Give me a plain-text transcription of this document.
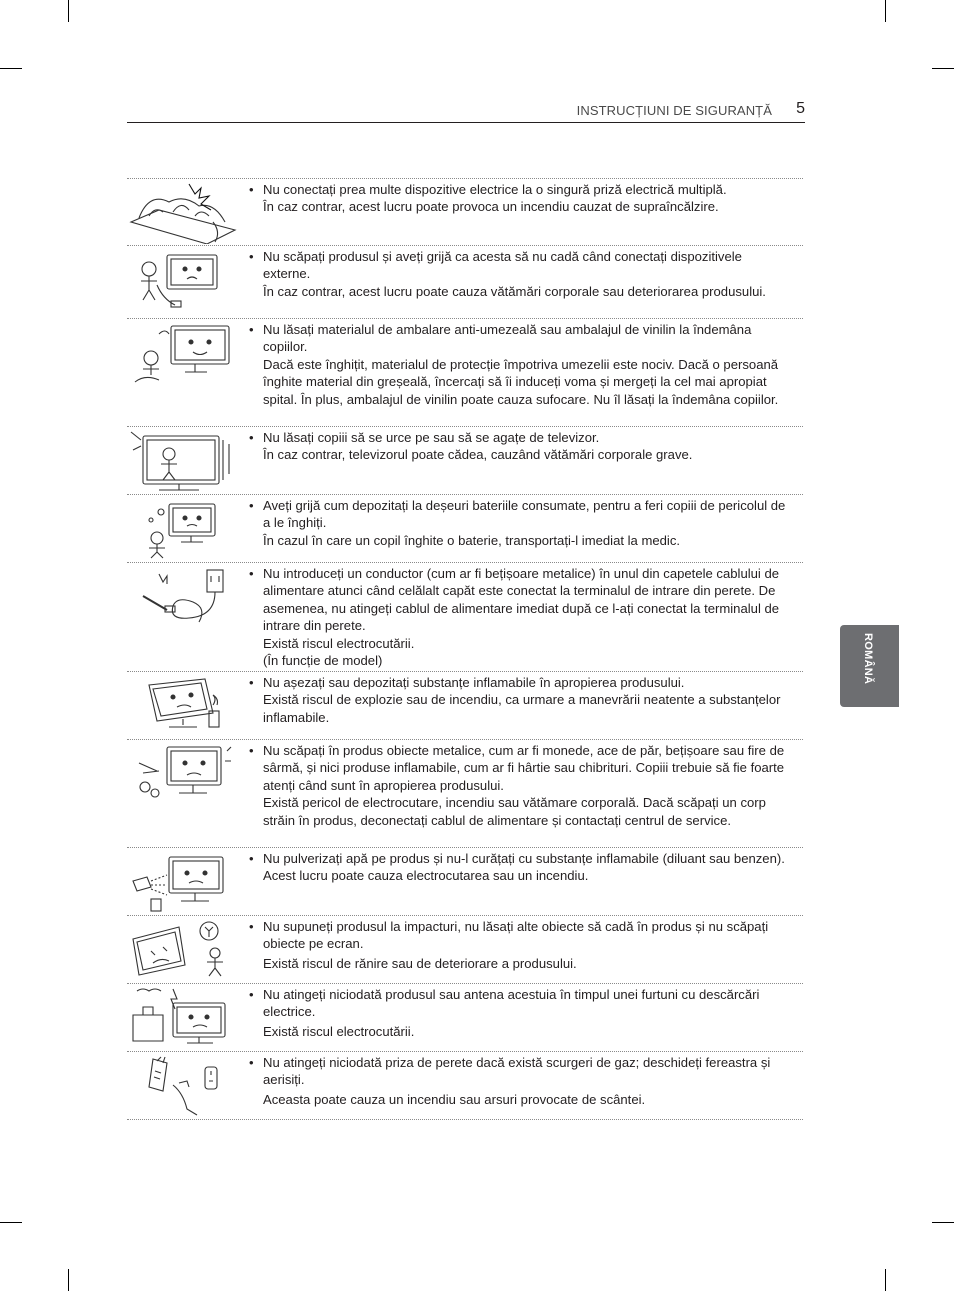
INSTRUCȚIUNI DE SIGURANȚĂ 5
ROMÂNĂ
• Nu conectați prea multe dispozitive electrice la o singură priză electrică multiplă.

În caz contrar, acest lucru poate provoca un incendiu cauzat de supraîncălzire.

• Nu scăpați produsul și aveți grijă ca acesta să nu cadă când conectați dispozitivele externe.

În caz contrar, acest lucru poate cauza vătămări corporale sau deteriorarea produsului.

• Nu lăsați materialul de ambalare anti-umezeală sau ambalajul de vinilin la îndemâna copiilor.

Dacă este înghițit, materialul de protecție împotriva umezelii este nociv. Dacă o persoană înghite material din greșeală, încercați să îi induceți voma și mergeți la cel mai apropiat spital. În plus, ambalajul de vinilin poate cauza sufocare. Nu îl lăsați la îndemâna copiilor.

• Nu lăsați copiii să se urce pe sau să se agațe de televizor.

În caz contrar, televizorul poate cădea, cauzând vătămări corporale grave.

• Aveți grijă cum depozitați la deșeuri bateriile consumate, pentru a feri copiii de pericolul de a le înghiți.

În cazul în care un copil înghite o baterie, transportați-l imediat la medic.

• Nu introduceți un conductor (cum ar fi bețișoare metalice) în unul din capetele cablului de alimentare atunci când celălalt capăt este conectat la terminalul de intrare din perete. De asemenea, nu atingeți cablul de alimentare imediat după ce l-ați conectat la terminalul de intrare din perete.

Există riscul electrocutării.

(În funcție de model)

• Nu așezați sau depozitați substanțe inflamabile în apropierea produsului.

Există riscul de explozie sau de incendiu, ca urmare a manevrării neatente a substanțelor inflamabile.

• Nu scăpați în produs obiecte metalice, cum ar fi monede, ace de păr, bețișoare sau fire de sârmă, și nici produse inflamabile, cum ar fi hârtie sau chibrituri. Copiii trebuie să fie foarte atenți când sunt în apropierea produsului.

Există pericol de electrocutare, incendiu sau vătămare corporală. Dacă scăpați un corp străin în produs, deconectați cablul de alimentare și contactați centrul de service.

• Nu pulverizați apă pe produs și nu-l curățați cu substanțe inflamabile (diluant sau benzen). Acest lucru poate cauza electrocutarea sau un incendiu.

• Nu supuneți produsul la impacturi, nu lăsați alte obiecte să cadă în produs și nu scăpați obiecte pe ecran.

Există riscul de rănire sau de deteriorare a produsului.

• Nu atingeți niciodată produsul sau antena acestuia în timpul unei furtuni cu descărcări electrice.

Există riscul electrocutării.

• Nu atingeți niciodată priza de perete dacă există scurgeri de gaz; deschideți fereastra și aerisiți.

Aceasta poate cauza un incendiu sau arsuri provocate de scântei.
